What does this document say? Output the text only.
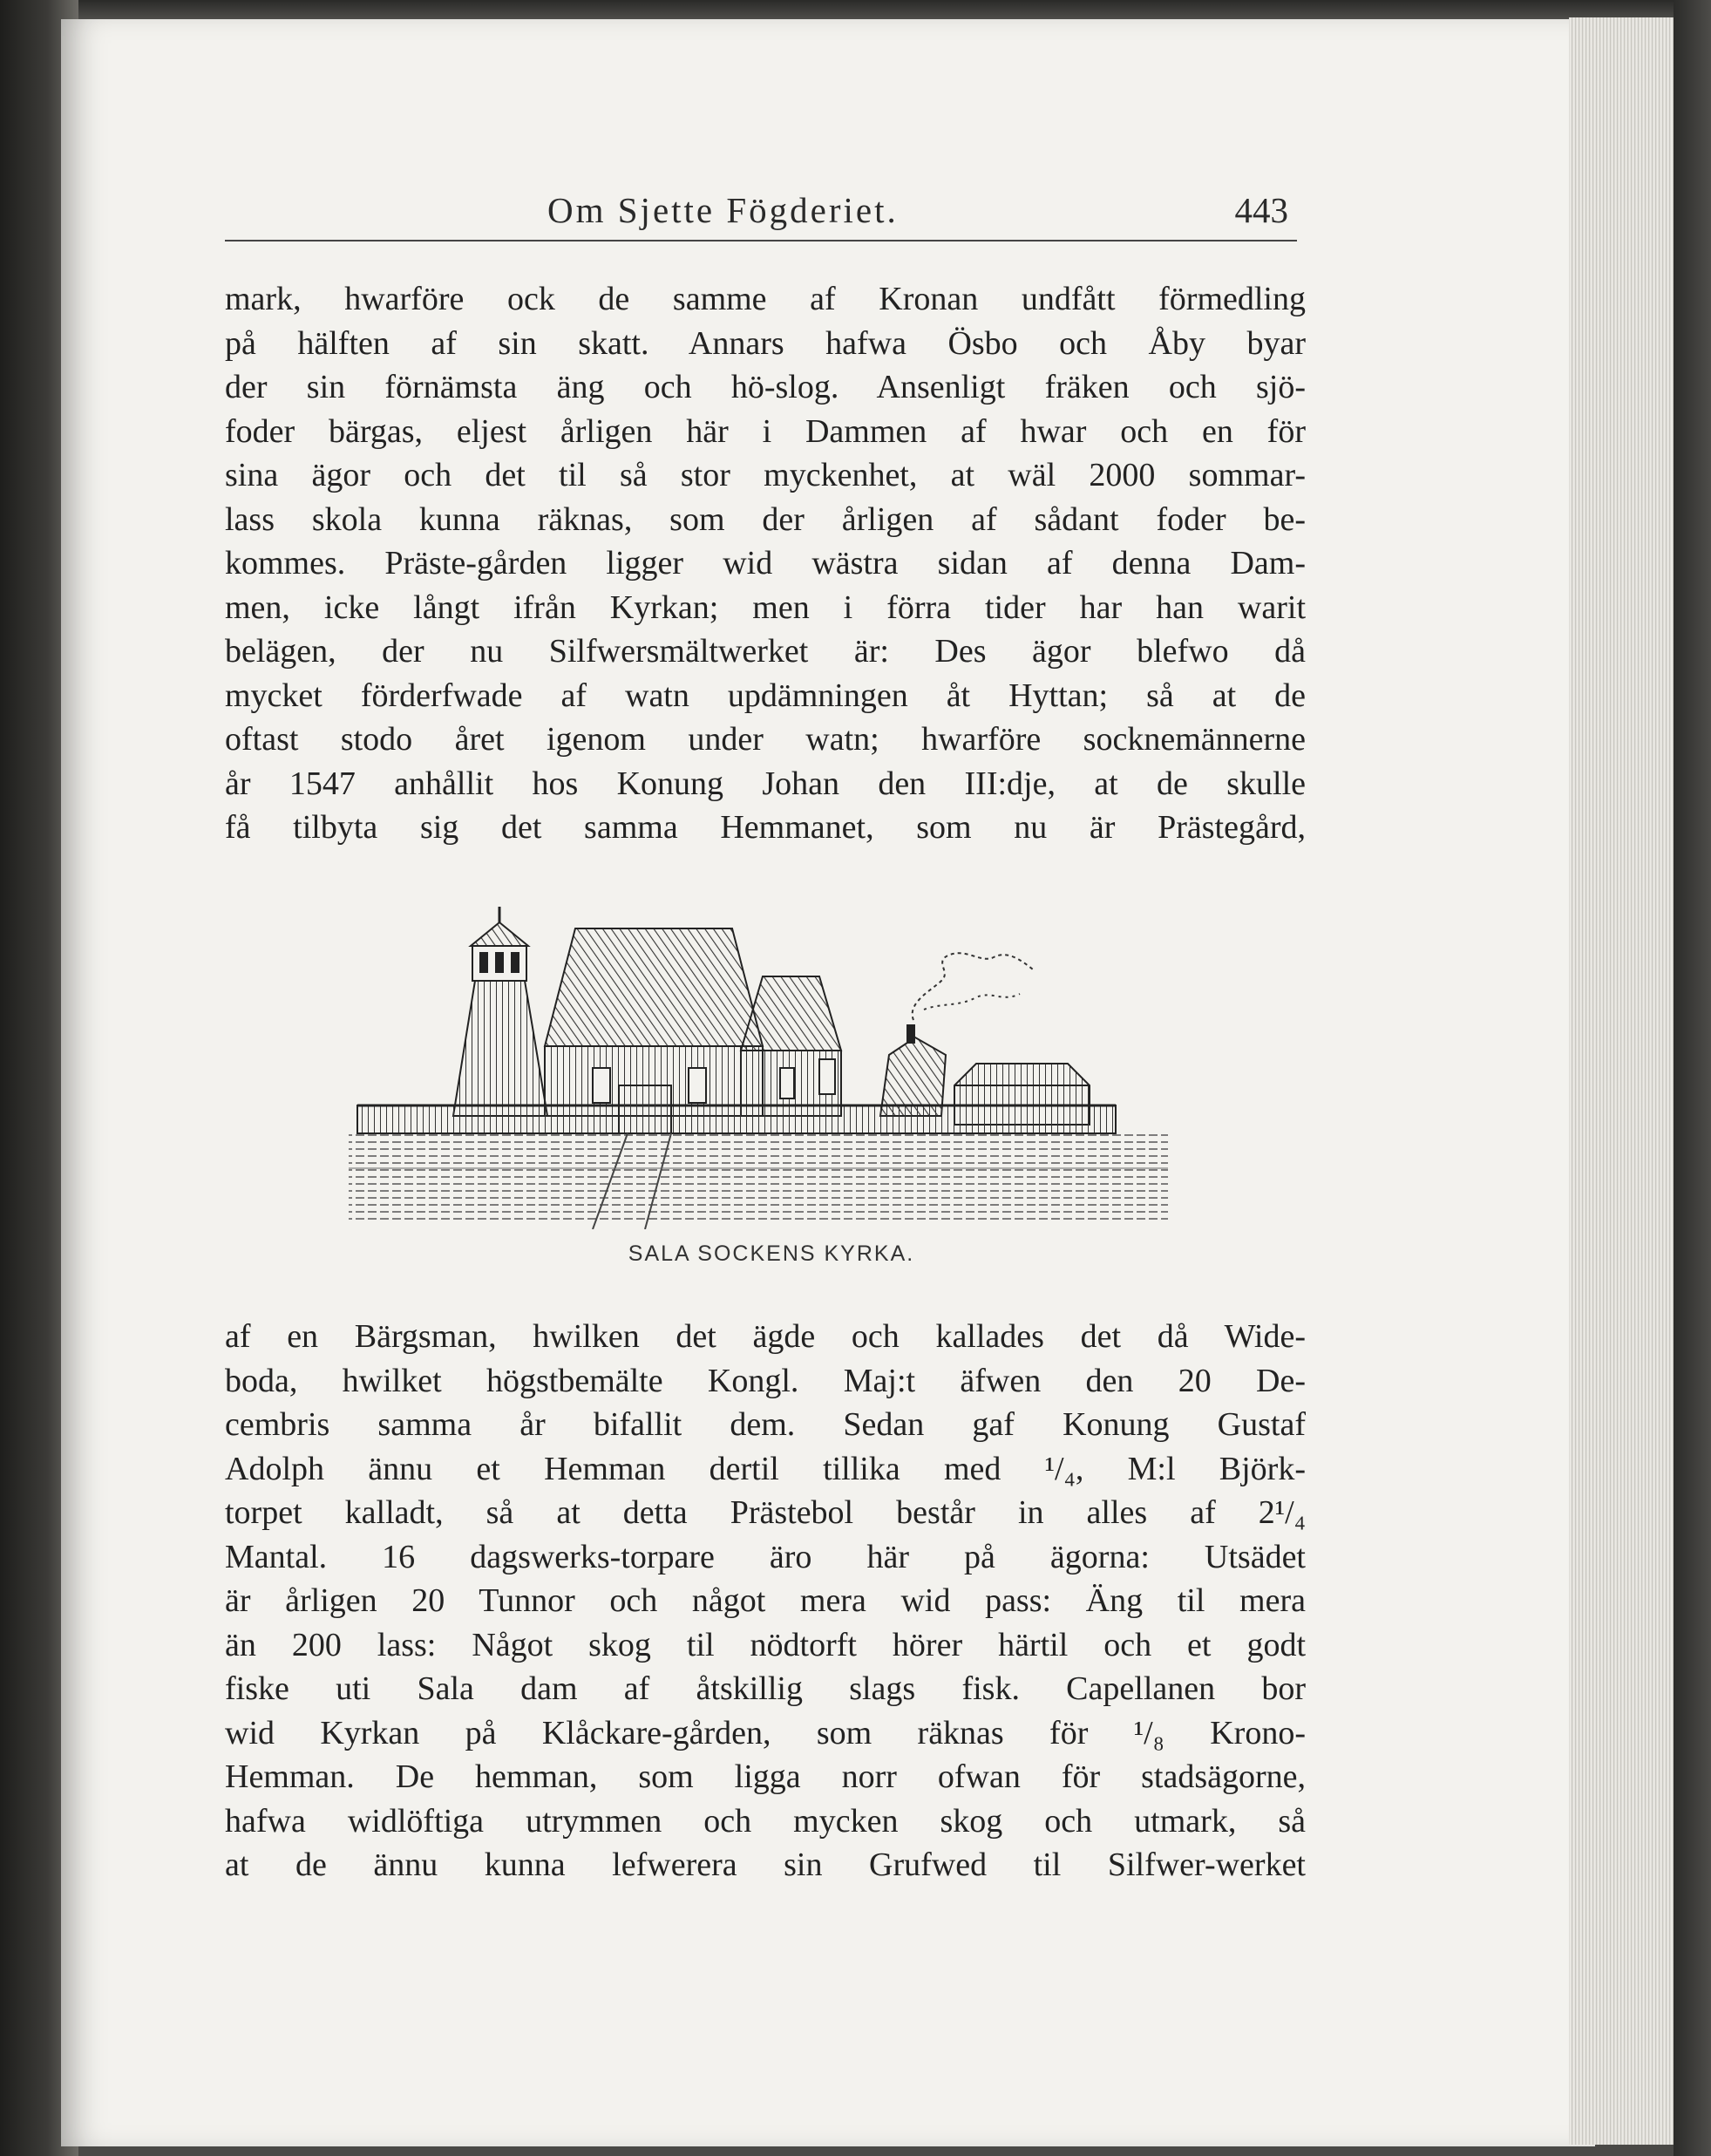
Om Sjette Fögderiet.	443
mark, hwarföre ock de samme af Kronan undfått förmedling
på hälften af sin skatt. Annars hafwa Ösbo och Åby byar
der sin förnämsta äng och hö-slog. Ansenligt fräken och sjö-
foder bärgas, eljest årligen här i Dammen af hwar och en för
sina ägor och det til så stor myckenhet, at wäl 2000 sommar-
lass skola kunna räknas, som der årligen af sådant foder be-
kommes. Präste-gården ligger wid wästra sidan af denna Dam-
men, icke långt ifrån Kyrkan; men i förra tider har han warit
belägen, der nu Silfwersmältwerket är: Des ägor blefwo då
mycket förderfwade af watn updämningen åt Hyttan; så at de
oftast stodo året igenom under watn; hwarföre socknemännerne
år 1547 anhållit hos Konung Johan den III:dje, at de skulle
få tilbyta sig det samma Hemmanet, som nu är Prästegård,
SALA SOCKENS KYRKA.
af en Bärgsman, hwilken det ägde och kallades det då Wide-
boda, hwilket högstbemälte Kongl. Maj:t äfwen den 20 De-
cembris samma år bifallit dem. Sedan gaf Konung Gustaf
Adolph ännu et Hemman dertil tillika med ¹/₄, M:l Björk-
torpet kalladt, så at detta Prästebol består in alles af 2¹/₄
Mantal. 16 dagswerks-torpare äro här på ägorna: Utsädet
är årligen 20 Tunnor och något mera wid pass: Äng til mera
än 200 lass: Något skog til nödtorft hörer härtil och et godt
fiske uti Sala dam af åtskillig slags fisk. Capellanen bor
wid Kyrkan på Klåckare-gården, som räknas för ¹/₈ Krono-
Hemman. De hemman, som ligga norr ofwan för stadsägorne,
hafwa widlöftiga utrymmen och mycken skog och utmark, så
at de ännu kunna lefwerera sin Grufwed til Silfwer-werket
